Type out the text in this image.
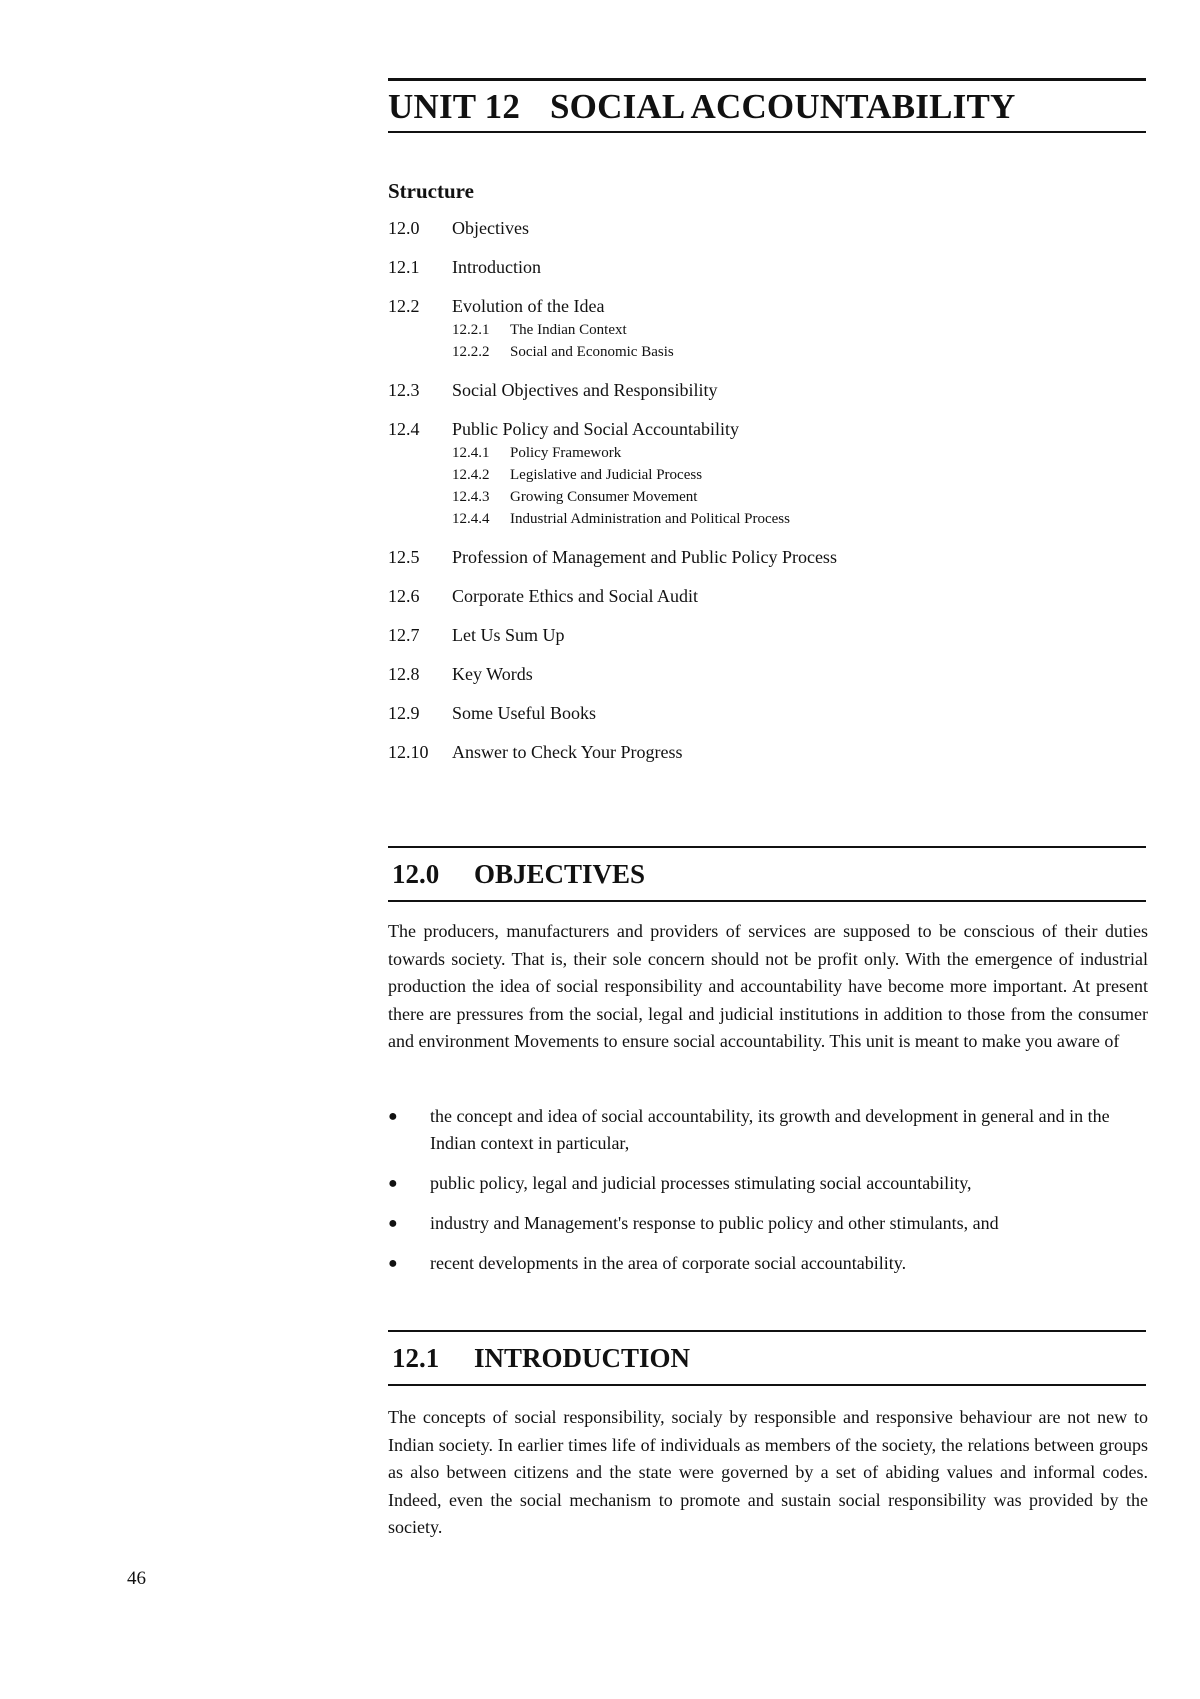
UNIT 12 SOCIAL ACCOUNTABILITY
Structure
12.0	Objectives
12.1	Introduction
12.2	Evolution of the Idea
12.2.1	The Indian Context
12.2.2	Social and Economic Basis
12.3	Social Objectives and Responsibility
12.4	Public Policy and Social Accountability
12.4.1	Policy Framework
12.4.2	Legislative and Judicial Process
12.4.3	Growing Consumer Movement
12.4.4	Industrial Administration and Political Process
12.5	Profession of Management and Public Policy Process
12.6	Corporate Ethics and Social Audit
12.7	Let Us Sum Up
12.8	Key Words
12.9	Some Useful Books
12.10	Answer to Check Your Progress
12.0 OBJECTIVES
The producers, manufacturers and providers of services are supposed to be conscious of their duties towards society. That is, their sole concern should not be profit only. With the emergence of industrial production the idea of social responsibility and accountability have become more important. At present there are pressures from the social, legal and judicial institutions in addition to those from the consumer and environment Movements to ensure social accountability. This unit is meant to make you aware of
●	the concept and idea of social accountability, its growth and development in general and in the Indian context in particular,
●	public policy, legal and judicial processes stimulating social accountability,
●	industry and Management's response to public policy and other stimulants, and
●	recent developments in the area of corporate social accountability.
12.1 INTRODUCTION
The concepts of social responsibility, socialy by responsible and responsive behaviour are not new to Indian society. In earlier times life of individuals as members of the society, the relations between groups as also between citizens and the state were governed by a set of abiding values and informal codes. Indeed, even the social mechanism to promote and sustain social responsibility was provided by the society.
46
